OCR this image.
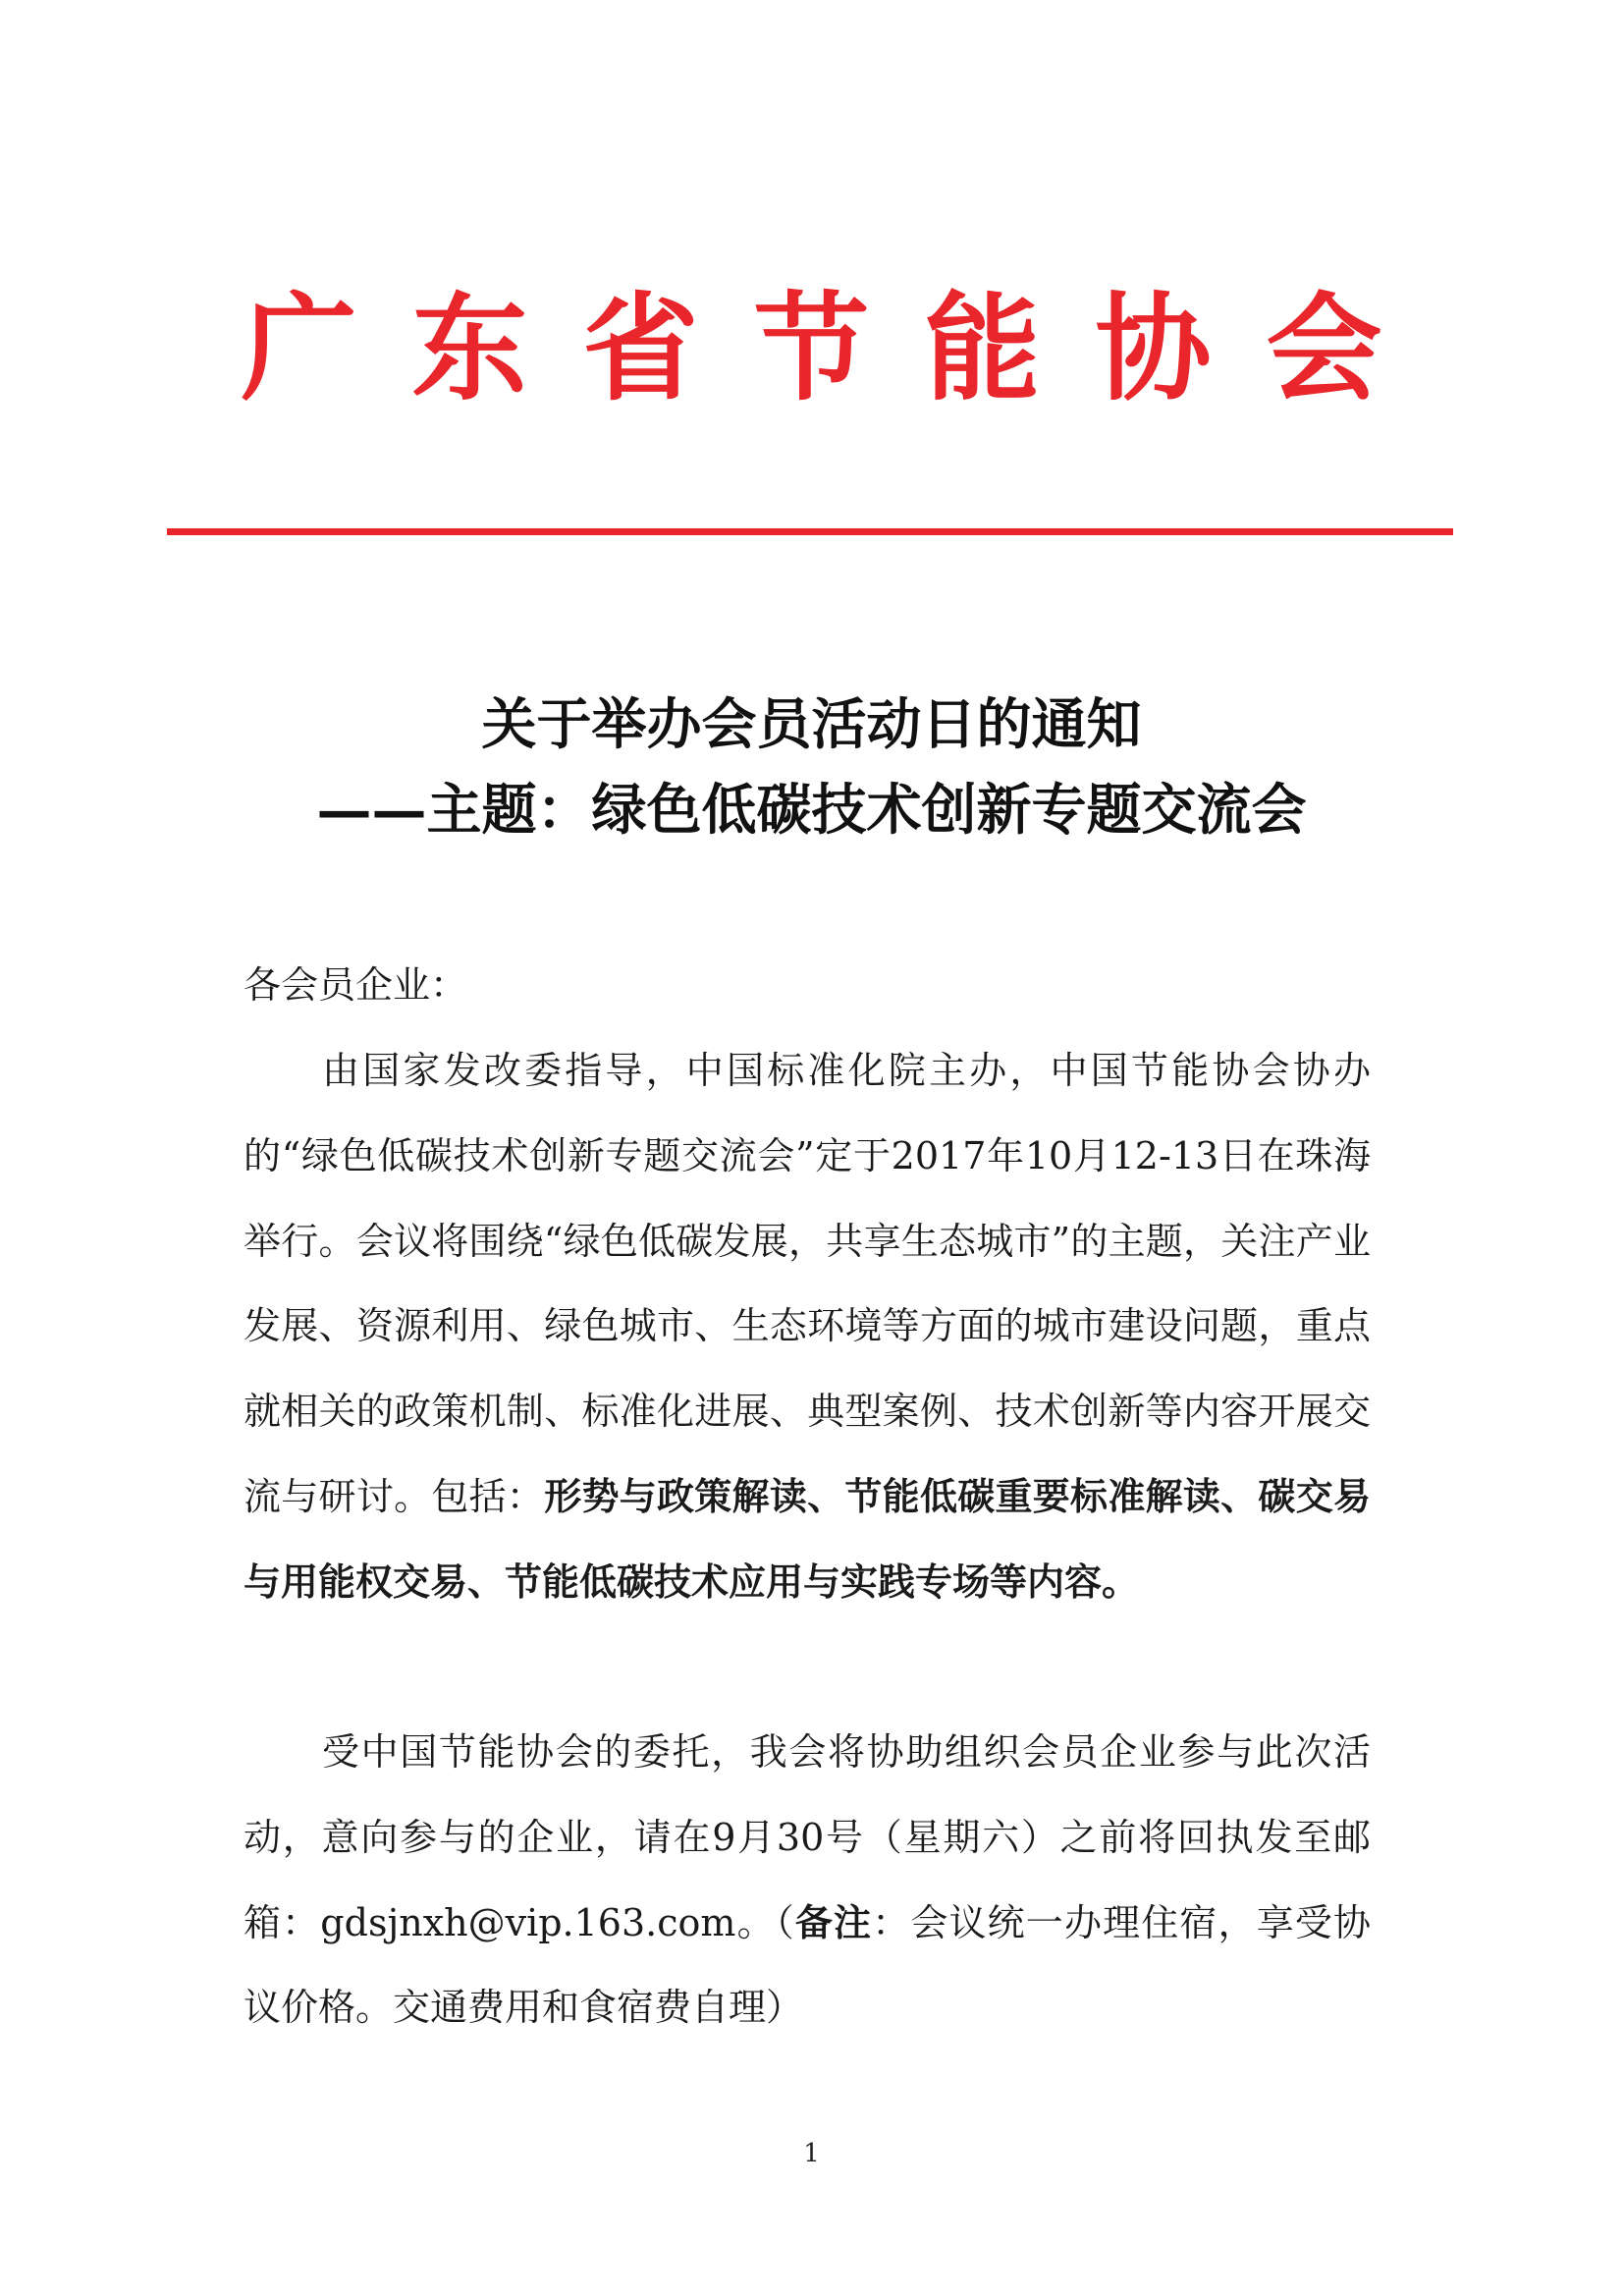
广东省节能协会
关于举办会员活动日的通知
——主题：绿色低碳技术创新专题交流会
各会员企业：

由国家发改委指导，中国标准化院主办，中国节能协会协办的“绿色低碳技术创新专题交流会”定于2017年10月12-13日在珠海举行。会议将围绕“绿色低碳发展，共享生态城市”的主题，关注产业发展、资源利用、绿色城市、生态环境等方面的城市建设问题，重点就相关的政策机制、标准化进展、典型案例、技术创新等内容开展交流与研讨。包括：形势与政策解读、节能低碳重要标准解读、碳交易与用能权交易、节能低碳技术应用与实践专场等内容。

受中国节能协会的委托，我会将协助组织会员企业参与此次活动，意向参与的企业，请在9月30号（星期六）之前将回执发至邮箱：gdsjnxh@vip.163.com。（备注：会议统一办理住宿，享受协议价格。交通费用和食宿费自理）

1
